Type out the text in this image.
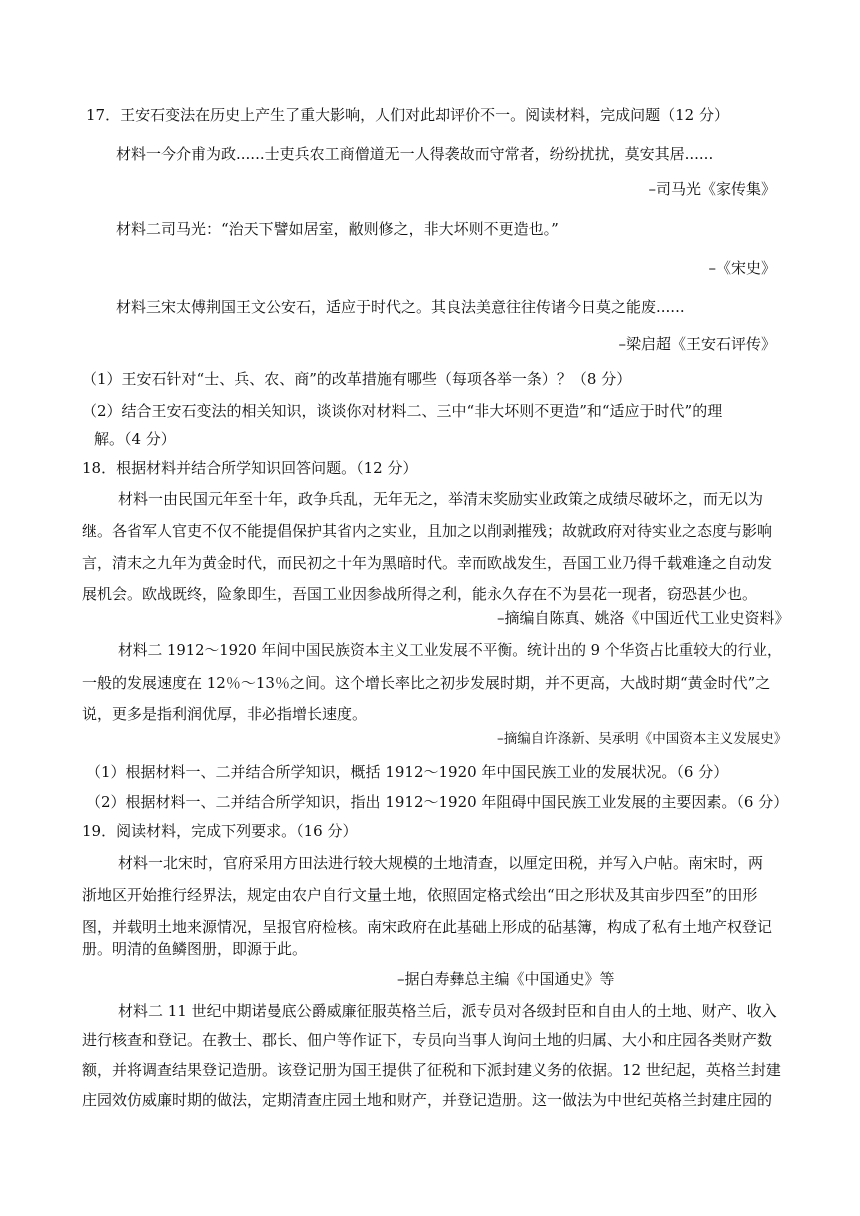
17．王安石变法在历史上产生了重大影响，人们对此却评价不一。阅读材料，完成问题（12 分）
材料一今介甫为政......士吏兵农工商僧道无一人得袭故而守常者，纷纷扰扰，莫安其居......
–司马光《家传集》
材料二司马光：“治天下譬如居室，敝则修之，非大坏则不更造也。”
–《宋史》
材料三宋太傅荆国王文公安石，适应于时代之。其良法美意往往传诸今日莫之能废......
–梁启超《王安石评传》
（1）王安石针对“士、兵、农、商”的改革措施有哪些（每项各举一条）？（8 分）
（2）结合王安石变法的相关知识，谈谈你对材料二、三中“非大坏则不更造”和“适应于时代”的理
解。（4 分）
18．根据材料并结合所学知识回答问题。（12 分）
材料一由民国元年至十年，政争兵乱，无年无之，举清末奖励实业政策之成绩尽破坏之，而无以为
继。各省军人官吏不仅不能提倡保护其省内之实业，且加之以削剥摧残；故就政府对待实业之态度与影响
言，清末之九年为黄金时代，而民初之十年为黑暗时代。幸而欧战发生，吾国工业乃得千载难逢之自动发
展机会。欧战既终，险象即生，吾国工业因参战所得之利，能永久存在不为昙花一现者，窃恐甚少也。
–摘编自陈真、姚洛《中国近代工业史资料》
材料二 1912～1920 年间中国民族资本主义工业发展不平衡。统计出的 9 个华资占比重较大的行业，
一般的发展速度在 12％～13％之间。这个增长率比之初步发展时期，并不更高，大战时期“黄金时代”之
说，更多是指利润优厚，非必指增长速度。
–摘编自许涤新、吴承明《中国资本主义发展史》
（1）根据材料一、二并结合所学知识，概括 1912～1920 年中国民族工业的发展状况。（6 分）
（2）根据材料一、二并结合所学知识，指出 1912～1920 年阻碍中国民族工业发展的主要因素。（6 分）
19．阅读材料，完成下列要求。（16 分）
材料一北宋时，官府采用方田法进行较大规模的土地清查，以厘定田税，并写入户帖。南宋时，两
浙地区开始推行经界法，规定由农户自行文量土地，依照固定格式绘出“田之形状及其亩步四至”的田形
图，并载明土地来源情况，呈报官府检核。南宋政府在此基础上形成的砧基簿，构成了私有土地产权登记
册。明清的鱼鳞图册，即源于此。
–据白寿彝总主编《中国通史》等
材料二 11 世纪中期诺曼底公爵威廉征服英格兰后，派专员对各级封臣和自由人的土地、财产、收入
进行核查和登记。在教士、郡长、佃户等作证下，专员向当事人询问土地的归属、大小和庄园各类财产数
额，并将调查结果登记造册。该登记册为国王提供了征税和下派封建义务的依据。12 世纪起，英格兰封建
庄园效仿威廉时期的做法，定期清查庄园土地和财产，并登记造册。这一做法为中世纪英格兰封建庄园的
